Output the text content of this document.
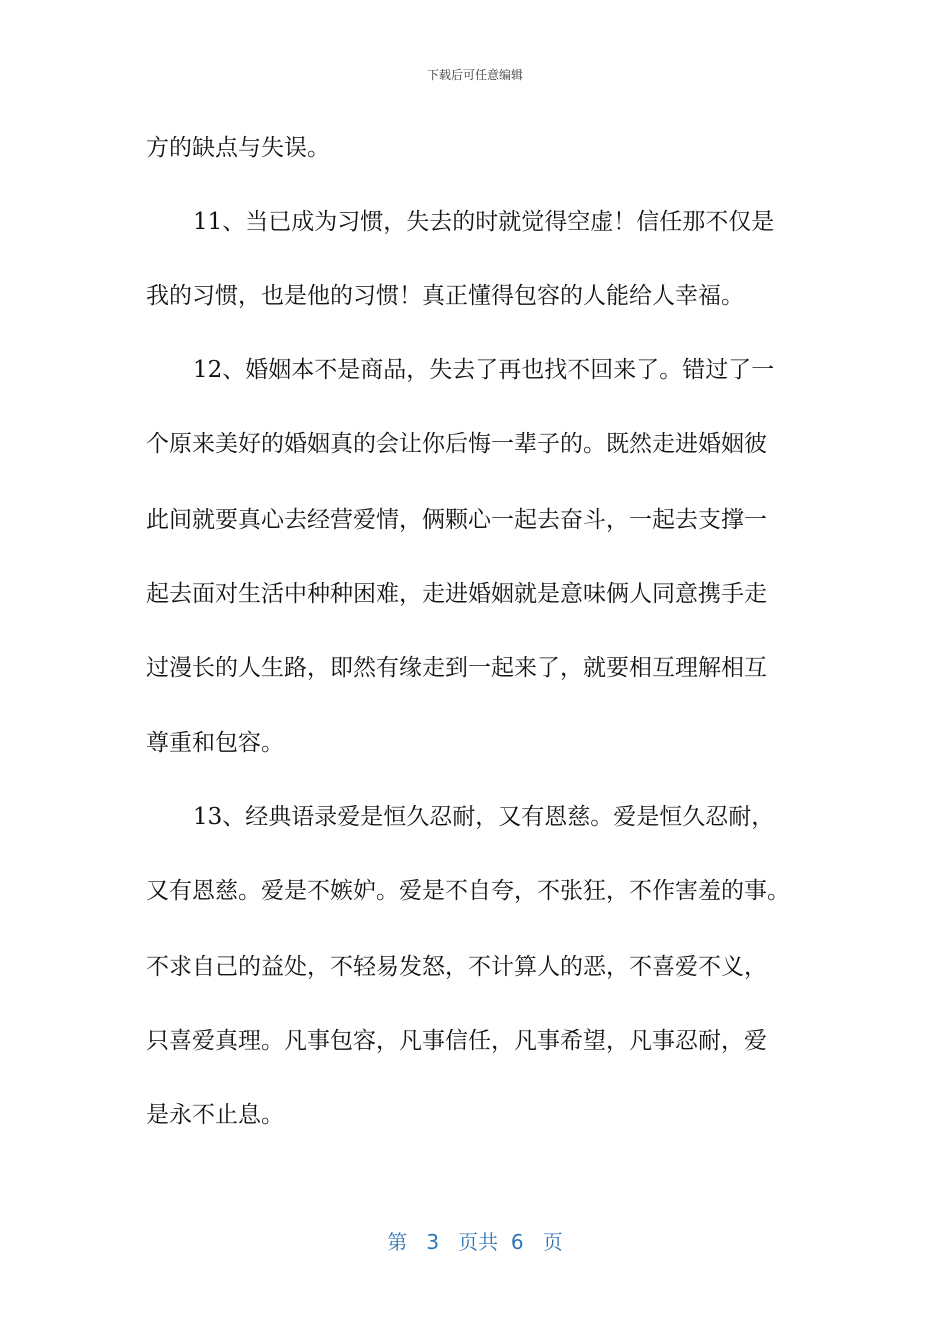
下载后可任意编辑
方的缺点与失误。
11、当已成为习惯，失去的时就觉得空虚！信任那不仅是
我的习惯，也是他的习惯！真正懂得包容的人能给人幸福。
12、婚姻本不是商品，失去了再也找不回来了。错过了一
个原来美好的婚姻真的会让你后悔一辈子的。既然走进婚姻彼
此间就要真心去经营爱情，俩颗心一起去奋斗，一起去支撑一
起去面对生活中种种困难，走进婚姻就是意味俩人同意携手走
过漫长的人生路，即然有缘走到一起来了，就要相互理解相互
尊重和包容。
13、经典语录爱是恒久忍耐，又有恩慈。爱是恒久忍耐，
又有恩慈。爱是不嫉妒。爱是不自夸，不张狂，不作害羞的事。
不求自己的益处，不轻易发怒，不计算人的恶，不喜爱不义，
只喜爱真理。凡事包容，凡事信任，凡事希望，凡事忍耐，爱
是永不止息。
第 3 页共 6 页
